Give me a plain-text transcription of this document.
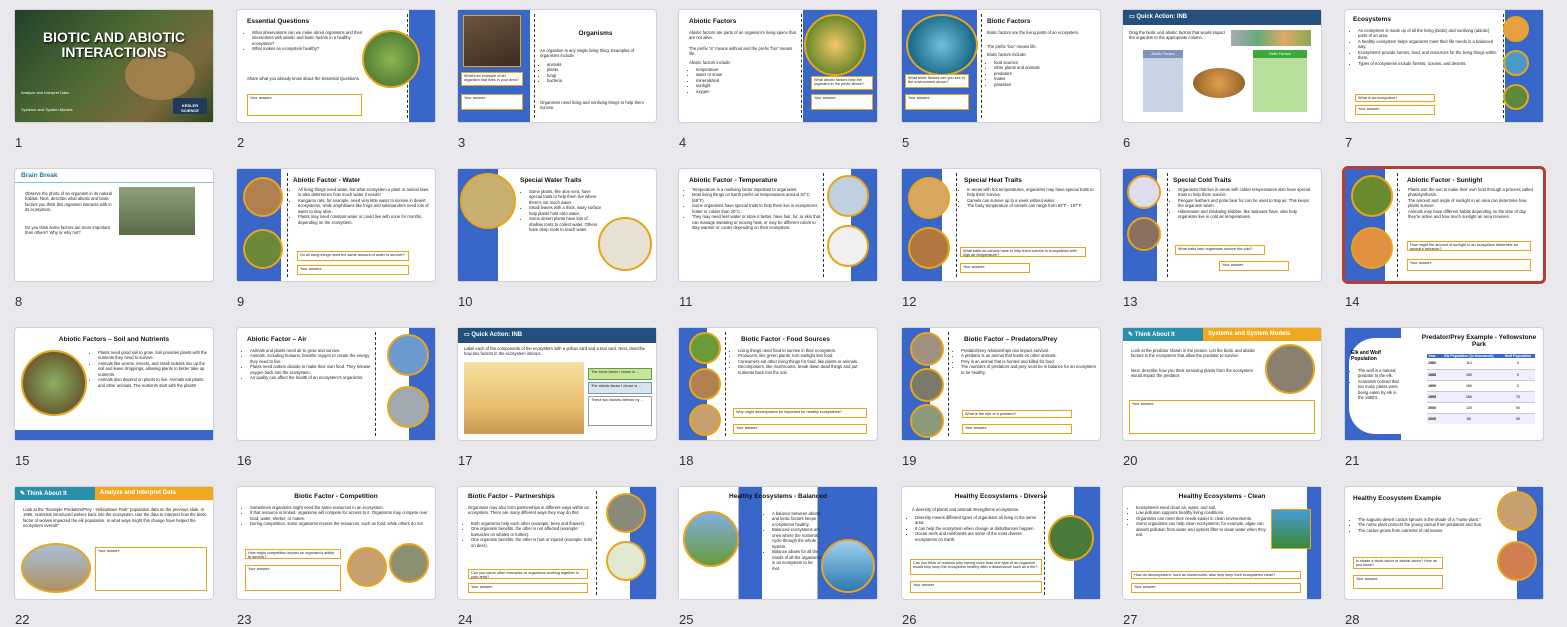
BIOTIC AND ABIOTIC INTERACTIONS
Analyze and Interpret Data
Systems and System Models
KESLER SCIENCE
1
Essential Questions
• What observations can we make about organisms and their interactions with abiotic and biotic factors in a healthy ecosystem?
• What makes an ecosystem healthy?
Share what you already know about the Essential Questions.
Your answer:
2
What's an example of an organism that lives in your area?
Your answer:
Organisms
An organism is any single living thing. Examples of organisms include:
• animals
• plants
• fungi
• bacteria
Organisms need living and nonliving things to help them survive.
3
What abiotic factors help the organism in the photo above?
Your answer:
Abiotic Factors
Abiotic factors are parts of an organism's living space that are not alive.
The prefix "a" means without and the prefix "bio" means life.
Abiotic factors include:
• temperature
• water or snow
• minerals/soil
• sunlight
• oxygen
4
What biotic factors can you see in the environment above?
Your answer:
Biotic Factors
Biotic factors are the living parts of an ecosystem.
The prefix "bio" means life.
Biotic factors include:
• food sources
• other plants and animals
• predators
• mates
• parasites
5
▭ Quick Action: INB
Drag the biotic and abiotic factors that would impact the organism to the appropriate column.
Abiotic Factors	Biotic Factors
6
Ecosystems
• An ecosystem is made up of all the living (biotic) and nonliving (abiotic) parts of an area.
• A healthy ecosystem helps organisms meet their life needs in a balanced way.
• Ecosystems provide homes, food, and resources for the living things within them.
• Types of ecosystems include forests, oceans, and deserts.
What is an ecosystem?
Your answer:
7
Brain Break
Observe the photo of an organism in its natural habitat. Next, describe what abiotic and biotic factors you think this organism interacts with in its ecosystem.
Do you think some factors are more important than others? Why or why not?
8
Abiotic Factor - Water
• All living things need water, but what ecosystem a plant or animal lives in also determines how much water it needs!
• Kangaroo rats, for example, need very little water to survive in desert ecosystems, while amphibians like frogs and salamanders need lots of water to stay alive.
• Plants may need constant water or could live with none for months, depending on the ecosystem.
Do all living things need the same amount of water to survive?
Your answer:
9
Special Water Traits
• Some plants, like aloe vera, have special traits to help them live where there's not much water.
• Small leaves with a thick, waxy surface help plants hold onto water.
• Some desert plants have lots of shallow roots to collect water. Others have deep roots to reach water.
10
Abiotic Factor - Temperature
• Temperature is a nonliving factor important to organisms.
• Most living things on Earth prefer air temperatures around 20°C (68°F).
• Some organisms have special traits to help them live in ecosystems hotter or colder than 20°C.
• They may need less water or store it better, have hair, fur, or skin that can manage sweating or moving heat, or may be different colors to stay warmer or cooler depending on their ecosystem.
11
Special Heat Traits
• In areas with hot temperatures, organisms may have special traits to help them survive.
• Camels can survive up to a week without water.
• The body temperature of camels can range from 93°F - 107°F.
What traits do camels have to help them survive in ecosystems with high air temperature?
Your answer:
12
Special Cold Traits
• Organisms that live in areas with colder temperatures also have special traits to help them survive.
• Penguin feathers and polar bear fur can be used to trap air. This keeps the organism warm.
• Hibernation and insulating blubber, like walruses have, also help organisms live in cold air temperatures.
What traits help organisms survive the cold?
Your answer:
13
Abiotic Factor - Sunlight
• Plants use the sun to make their own food through a process called photosynthesis.
• The amount and angle of sunlight in an area can determine how plants survive.
• Animals may have different habits depending on the time of day they're active and how much sunlight an area receives.
How might the amount of sunlight in an ecosystem determine an animal's behavior?
Your answer:
14
Abiotic Factors – Soil and Nutrients
• Plants need good soil to grow. Soil provides plants with the nutrients they need to survive.
• Animals like worms, insects, and small rodents mix up the soil and leave droppings, allowing plants to better take up nutrients.
• Animals also depend on plants to live. Animals eat plants and other animals. The nutrients start with the plants!
15
Abiotic Factor – Air
• Animals and plants need air to grow and survive.
• Animals, including humans, breathe oxygen to create the energy they need to live.
• Plants need carbon dioxide to make their own food. They release oxygen back into the ecosystem.
• Air quality can affect the health of an ecosystem's organisms.
16
▭ Quick Action: INB
Label each of the components of the ecosystem with a yellow card and a teal card. Next, describe how two factors in the ecosystem interact.
The biotic factor I chose is ...
The abiotic factor I chose is ...
These two factors interact by ...
17
Biotic Factor - Food Sources
• Living things need food to survive in their ecosystem.
• Producers, like green plants, turn sunlight into food.
• Consumers eat other living things for food, like plants or animals.
• Decomposers, like mushrooms, break down dead things and put nutrients back into the soil.
Why might decomposers be important for healthy ecosystems?
Your answer:
18
Biotic Factor – Predators/Prey
• Predator/prey relationships can impact survival.
• A predator is an animal that feeds on other animals.
• Prey is an animal that is hunted and killed for food.
• The numbers of predators and prey must be in balance for an ecosystem to be healthy.
What is the role of a predator?
Your answer:
19
✎ Think About It	Systems and System Models
Look at the predator shown in the picture. List the biotic and abiotic factors in the ecosystem that allow the predator to survive.
Next, describe how you think removing plants from the ecosystem would impact the predator.
Your answer:
20
Elk and Wolf Population
• The wolf is a natural predator to the elk.
• Scientists noticed that too many plants were being eaten by elk in the 1980's.
Predator/Prey Example - Yellowstone Park
Year	Elk Population (in thousands)	Wolf Population
1980	110	0
1985	150	0
1990	180	0
1995	160	70
2000	120	90
2005	80	95
21
✎ Think About It	Analyze and Interpret Data
Look at the "Example Predators/Prey - Yellowstone Park" population data on the previous slide. In 1995, scientists introduced wolves back into the ecosystem. Use the data to interpret how the biotic factor of wolves impacted the elk population. In what ways might this change have helped the ecosystem overall?
Your answer:
22
Biotic Factor - Competition
• Sometimes organisms might need the same resources in an ecosystem.
• If that resource is limited, organisms will compete for access to it. Organisms may compete over food, water, shelter, or mates.
• During competition, some organisms receive the resources, such as food, while others do not.
How might competition impact an organism's ability to survive?
Your answer:
23
Biotic Factor – Partnerships
Organisms may also form partnerships in different ways within an ecosystem. There are many different ways they may do this:
• Both organisms help each other (example: bees and flowers).
• One organism benefits, the other is not affected (example: barnacles on whales or turtles).
• One organism benefits, the other is hurt or injured (example: ticks on deer).
Can you name other examples or organisms working together in your area?
Your answer:
24
Healthy Ecosystems - Balanced
• A balance between abiotic and biotic factors keeps ecosystems healthy.
• Balanced ecosystems are ones where the nutrients cycle through the whole system.
• Balance allows for all the needs of all the organisms in an ecosystem to be met.
25
Healthy Ecosystems - Diverse
A diversity of plants and animals strengthens ecosystems.
• Diversity means different types of organisms all living in the same area.
• It can help the ecosystem when change or disturbances happen.
• Ocean reefs and rainforests are some of the most diverse ecosystems on Earth.
Can you think of reasons why having more than one type of an organism would help keep the ecosystem healthy after a disturbance such as a fire?
Your answer:
26
Healthy Ecosystems - Clean
• Ecosystems need clean air, water, and soil.
• Low pollution supports healthy living conditions.
• Organisms can meet their needs easier in clean environments.
• Some organisms can help clean ecosystems; for example, algae can absorb pollution from water and oysters filter to clean water when they eat.
How do decomposers, such as mushrooms, also help keep their ecosystems clean?
Your answer:
27
Healthy Ecosystem Example
• The saguaro desert cactus sprouts in the shade of a "nurse plant."
• The nurse plant protects the young cactus from predators and Sun.
• The cactus grows from nutrients of old leaves.
Is shade a biotic factor or abiotic factor? How do you know?
Your answer:
28
